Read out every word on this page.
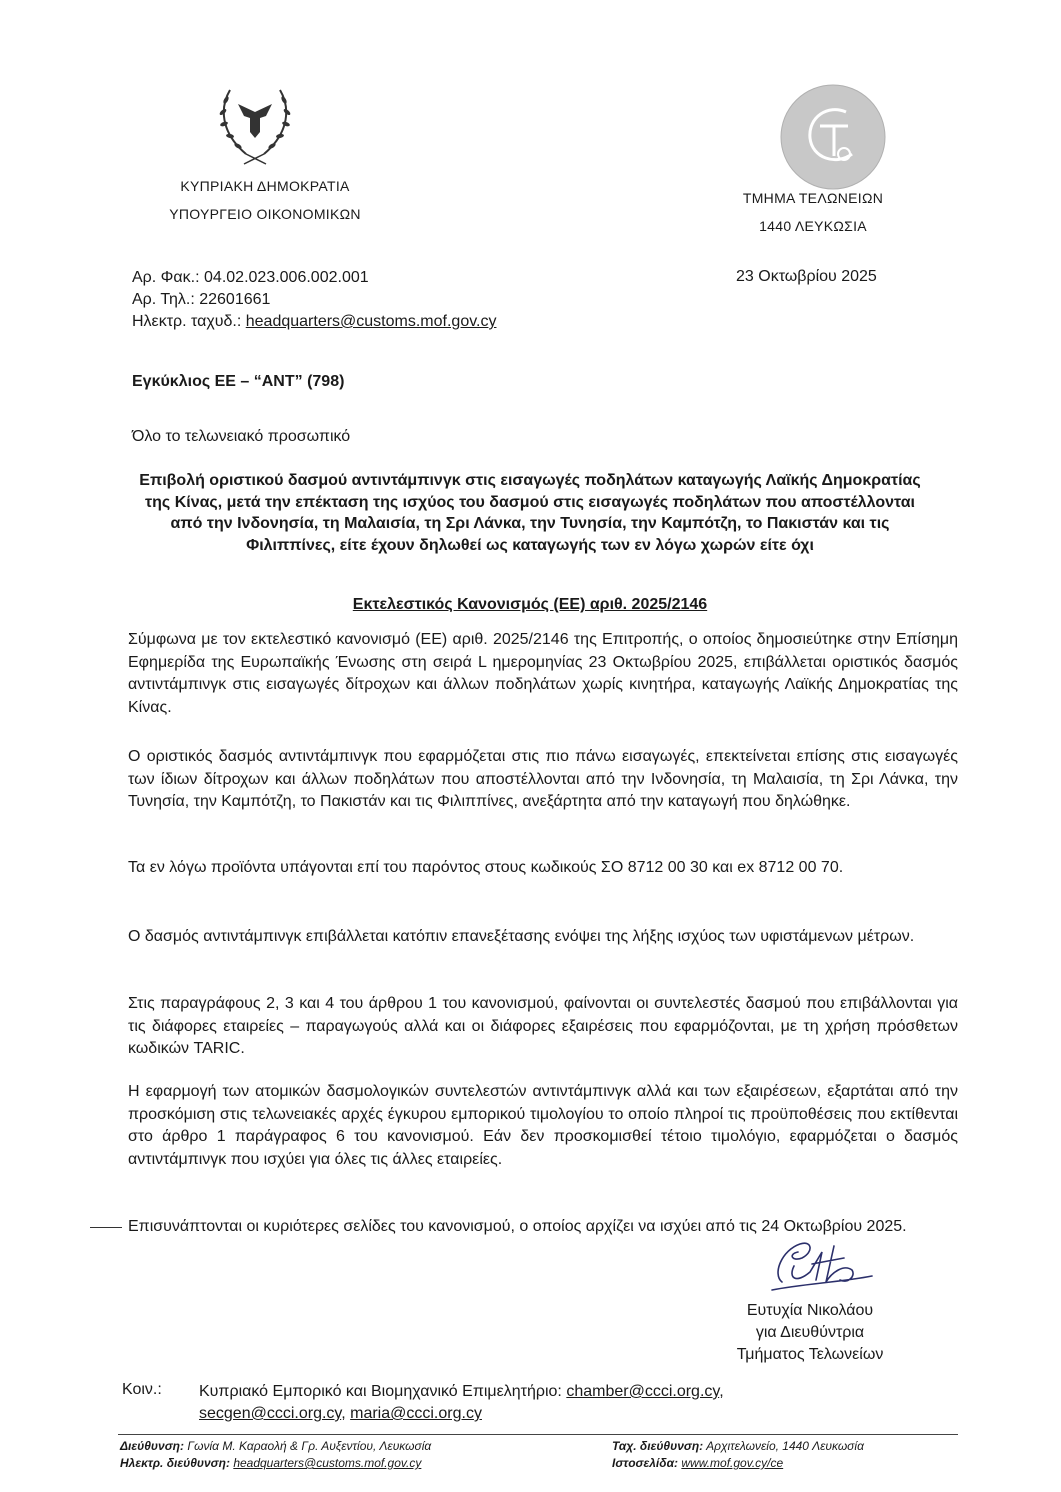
ΚΥΠΡΙΑΚΗ ΔΗΜΟΚΡΑΤΙΑ
ΥΠΟΥΡΓΕΙΟ ΟΙΚΟΝΟΜΙΚΩΝ
ΤΜΗΜΑ ΤΕΛΩΝΕΙΩΝ
1440 ΛΕΥΚΩΣΙΑ
23 Οκτωβρίου 2025
Αρ. Φακ.: 04.02.023.006.002.001
Αρ. Τηλ.: 22601661
Ηλεκτρ. ταχυδ.: headquarters@customs.mof.gov.cy
Εγκύκλιος ΕΕ – “ΑΝΤ” (798)
Όλο το τελωνειακό προσωπικό
Επιβολή οριστικού δασμού αντιντάμπινγκ στις εισαγωγές ποδηλάτων καταγωγής Λαϊκής Δημοκρατίας της Κίνας, μετά την επέκταση της ισχύος του δασμού στις εισαγωγές ποδηλάτων που αποστέλλονται από την Ινδονησία, τη Μαλαισία, τη Σρι Λάνκα, την Τυνησία, την Καμπότζη, το Πακιστάν και τις Φιλιππίνες, είτε έχουν δηλωθεί ως καταγωγής των εν λόγω χωρών είτε όχι
Εκτελεστικός Κανονισμός (ΕΕ) αριθ. 2025/2146
Σύμφωνα με τον εκτελεστικό κανονισμό (ΕΕ) αριθ. 2025/2146 της Επιτροπής, ο οποίος δημοσιεύτηκε στην Επίσημη Εφημερίδα της Ευρωπαϊκής Ένωσης στη σειρά L ημερομηνίας 23 Οκτωβρίου 2025, επιβάλλεται οριστικός δασμός αντιντάμπινγκ στις εισαγωγές δίτροχων και άλλων ποδηλάτων χωρίς κινητήρα, καταγωγής Λαϊκής Δημοκρατίας της Κίνας.
Ο οριστικός δασμός αντιντάμπινγκ που εφαρμόζεται στις πιο πάνω εισαγωγές, επεκτείνεται επίσης στις εισαγωγές των ίδιων δίτροχων και άλλων ποδηλάτων που αποστέλλονται από την Ινδονησία, τη Μαλαισία, τη Σρι Λάνκα, την Τυνησία, την Καμπότζη, το Πακιστάν και τις Φιλιππίνες, ανεξάρτητα από την καταγωγή που δηλώθηκε.
Τα εν λόγω προϊόντα υπάγονται επί του παρόντος στους κωδικούς ΣΟ 8712 00 30 και ex 8712 00 70.
Ο δασμός αντιντάμπινγκ επιβάλλεται κατόπιν επανεξέτασης ενόψει της λήξης ισχύος των υφιστάμενων μέτρων.
Στις παραγράφους 2, 3 και 4 του άρθρου 1 του κανονισμού, φαίνονται οι συντελεστές δασμού που επιβάλλονται για τις διάφορες εταιρείες – παραγωγούς αλλά και οι διάφορες εξαιρέσεις που εφαρμόζονται, με τη χρήση πρόσθετων κωδικών TARIC.
Η εφαρμογή των ατομικών δασμολογικών συντελεστών αντιντάμπινγκ αλλά και των εξαιρέσεων, εξαρτάται από την προσκόμιση στις τελωνειακές αρχές έγκυρου εμπορικού τιμολογίου το οποίο πληροί τις προϋποθέσεις που εκτίθενται στο άρθρο 1 παράγραφος 6 του κανονισμού. Εάν δεν προσκομισθεί τέτοιο τιμολόγιο, εφαρμόζεται ο δασμός αντιντάμπινγκ που ισχύει για όλες τις άλλες εταιρείες.
Επισυνάπτονται οι κυριότερες σελίδες του κανονισμού, ο οποίος αρχίζει να ισχύει από τις 24 Οκτωβρίου 2025.
Ευτυχία Νικολάου
για Διευθύντρια
Τμήματος Τελωνείων
Κοιν.: Κυπριακό Εμπορικό και Βιομηχανικό Επιμελητήριο: chamber@ccci.org.cy,
secgen@ccci.org.cy, maria@ccci.org.cy
Διεύθυνση: Γωνία Μ. Καραολή & Γρ. Αυξεντίου, Λευκωσία
Ηλεκτρ. διεύθυνση: headquarters@customs.mof.gov.cy
Ταχ. διεύθυνση: Αρχιτελωνείο, 1440 Λευκωσία
Ιστοσελίδα: www.mof.gov.cy/ce
